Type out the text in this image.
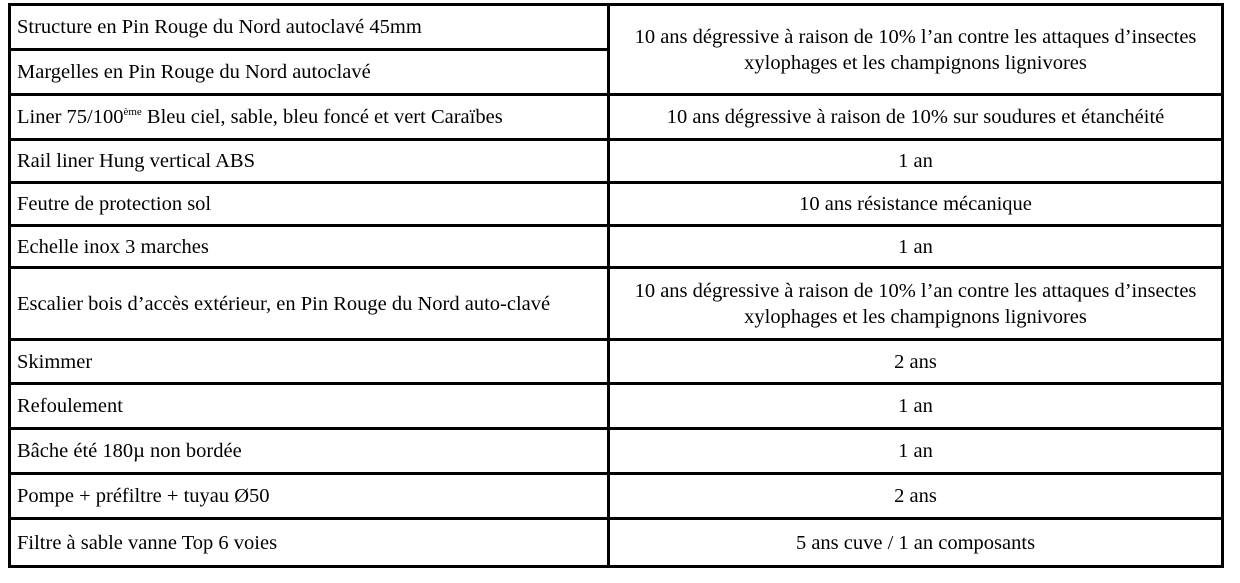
Structure en Pin Rouge du Nord autoclavé 45mm	10 ans dégressive à raison de 10% l’an contre les attaques d’insectes xylophages et les champignons lignivores
Margelles en Pin Rouge du Nord autoclavé	
Liner 75/100ème Bleu ciel, sable, bleu foncé et vert Caraïbes	10 ans dégressive à raison de 10% sur soudures et étanchéité
Rail liner Hung vertical ABS	1 an
Feutre de protection sol	10 ans résistance mécanique
Echelle inox 3 marches	1 an
Escalier bois d’accès extérieur, en Pin Rouge du Nord auto-clavé	10 ans dégressive à raison de 10% l’an contre les attaques d’insectes xylophages et les champignons lignivores
Skimmer	2 ans
Refoulement	1 an
Bâche été 180µ non bordée	1 an
Pompe + préfiltre + tuyau Ø50	2 ans
Filtre à sable vanne Top 6 voies	5 ans cuve / 1 an composants
